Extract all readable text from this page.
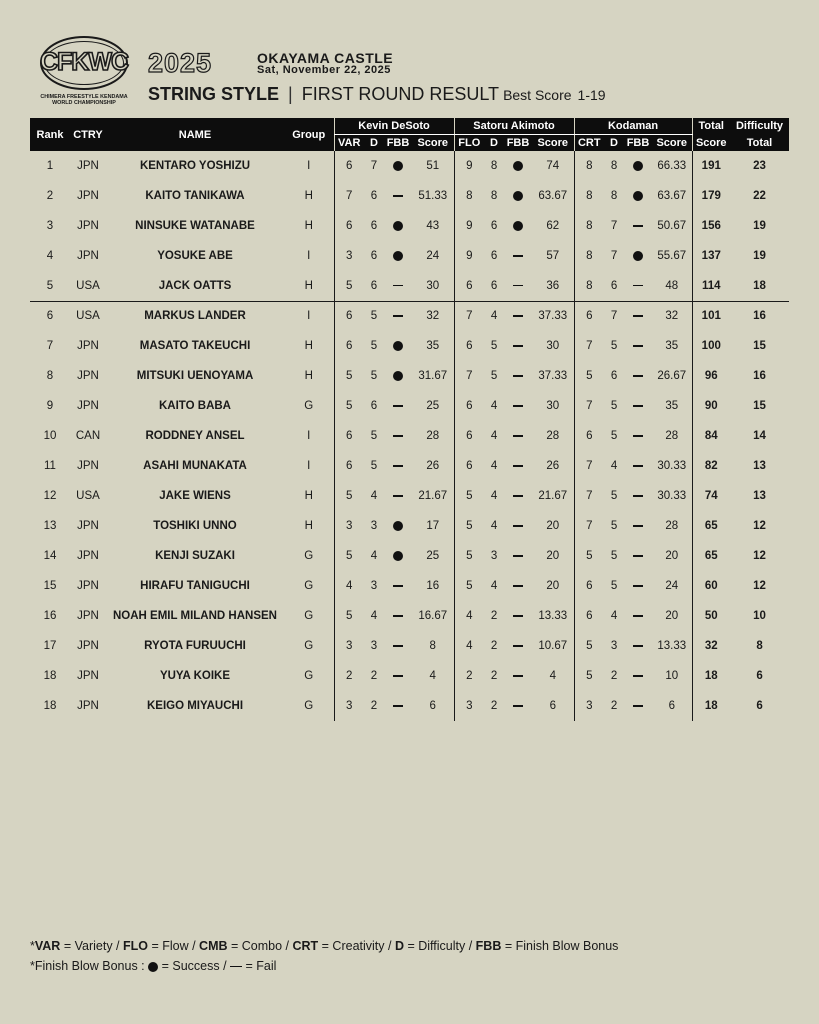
CFKWC
CHIMERA FREESTYLE KENDAMA
WORLD CHAMPIONSHIP
2025	OKAYAMA CASTLE
Sat, November 22, 2025
STRING STYLE | FIRST ROUND RESULT Best Score 1-19
Rank	CTRY	NAME	Group	Kevin DeSoto				Satoru Akimoto				Kodaman				Total	Difficulty
				VAR	D	FBB	Score	FLO	D	FBB	Score	CRT	D	FBB	Score	Score	Total
1	JPN	KENTARO YOSHIZU	I	6	7		51	9	8		74	8	8		66.33	191	23
2	JPN	KAITO TANIKAWA	H	7	6		51.33	8	8		63.67	8	8		63.67	179	22
3	JPN	NINSUKE WATANABE	H	6	6		43	9	6		62	8	7		50.67	156	19
4	JPN	YOSUKE ABE	I	3	6		24	9	6		57	8	7		55.67	137	19
5	USA	JACK OATTS	H	5	6		30	6	6		36	8	6		48	114	18
6	USA	MARKUS LANDER	I	6	5		32	7	4		37.33	6	7		32	101	16
7	JPN	MASATO TAKEUCHI	H	6	5		35	6	5		30	7	5		35	100	15
8	JPN	MITSUKI UENOYAMA	H	5	5		31.67	7	5		37.33	5	6		26.67	96	16
9	JPN	KAITO BABA	G	5	6		25	6	4		30	7	5		35	90	15
10	CAN	RODDNEY ANSEL	I	6	5		28	6	4		28	6	5		28	84	14
11	JPN	ASAHI MUNAKATA	I	6	5		26	6	4		26	7	4		30.33	82	13
12	USA	JAKE WIENS	H	5	4		21.67	5	4		21.67	7	5		30.33	74	13
13	JPN	TOSHIKI UNNO	H	3	3		17	5	4		20	7	5		28	65	12
14	JPN	KENJI SUZAKI	G	5	4		25	5	3		20	5	5		20	65	12
15	JPN	HIRAFU TANIGUCHI	G	4	3		16	5	4		20	6	5		24	60	12
16	JPN	NOAH EMIL MILAND HANSEN	G	5	4		16.67	4	2		13.33	6	4		20	50	10
17	JPN	RYOTA FURUUCHI	G	3	3		8	4	2		10.67	5	3		13.33	32	8
18	JPN	YUYA KOIKE	G	2	2		4	2	2		4	5	2		10	18	6
18	JPN	KEIGO MIYAUCHI	G	3	2		6	3	2		6	3	2		6	18	6
*VAR = Variety / FLO = Flow / CMB = Combo / CRT = Creativity / D = Difficulty / FBB = Finish Blow Bonus
*Finish Blow Bonus :  = Success /  = Fail
